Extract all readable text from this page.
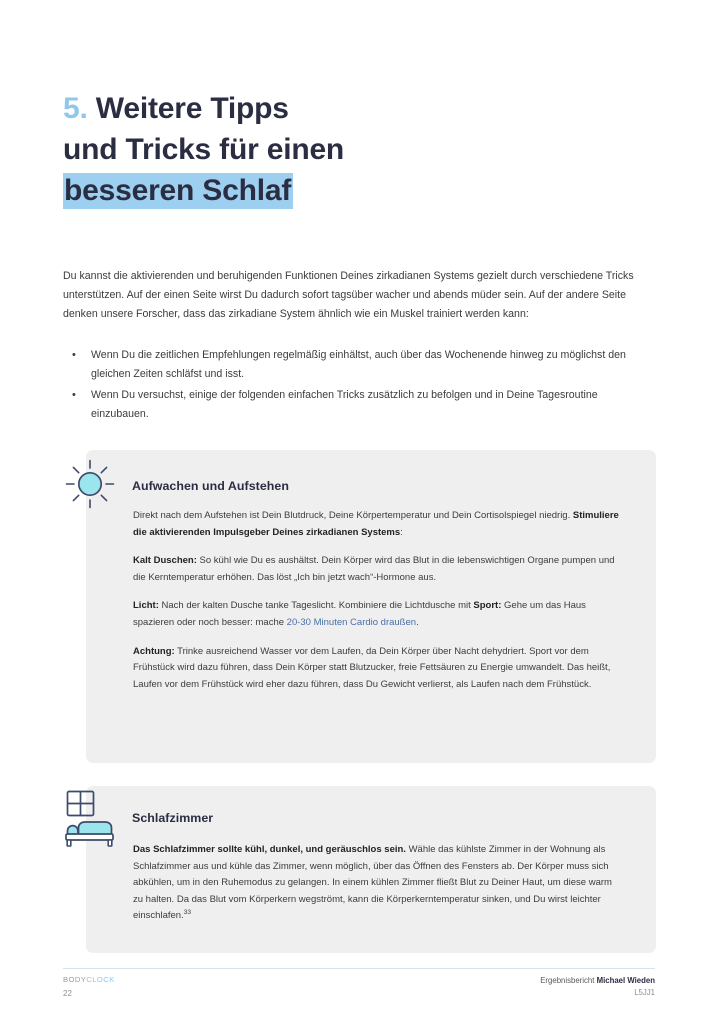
5. Weitere Tipps
und Tricks für einen
besseren Schlaf

Du kannst die aktivierenden und beruhigenden Funktionen Deines zirkadianen Systems gezielt durch verschiedene Tricks unterstützen. Auf der einen Seite wirst Du dadurch sofort tagsüber wacher und abends müder sein. Auf der andere Seite denken unsere Forscher, dass das zirkadiane System ähnlich wie ein Muskel trainiert werden kann:

• Wenn Du die zeitlichen Empfehlungen regelmäßig einhältst, auch über das Wochenende hinweg zu möglichst den gleichen Zeiten schläfst und isst.
• Wenn Du versuchst, einige der folgenden einfachen Tricks zusätzlich zu befolgen und in Deine Tagesroutine einzubauen.
Aufwachen und Aufstehen

Direkt nach dem Aufstehen ist Dein Blutdruck, Deine Körpertemperatur und Dein Cortisolspiegel niedrig. Stimuliere die aktivierenden Impulsgeber Deines zirkadianen Systems:

Kalt Duschen: So kühl wie Du es aushältst. Dein Körper wird das Blut in die lebenswichtigen Organe pumpen und die Kerntemperatur erhöhen. Das löst „Ich bin jetzt wach“-Hormone aus.

Licht: Nach der kalten Dusche tanke Tageslicht. Kombiniere die Lichtdusche mit Sport: Gehe um das Haus spazieren oder noch besser: mache 20-30 Minuten Cardio draußen.

Achtung: Trinke ausreichend Wasser vor dem Laufen, da Dein Körper über Nacht dehydriert. Sport vor dem Frühstück wird dazu führen, dass Dein Körper statt Blutzucker, freie Fettsäuren zu Energie umwandelt. Das heißt, Laufen vor dem Frühstück wird eher dazu führen, dass Du Gewicht verlierst, als Laufen nach dem Frühstück.

Schlafzimmer

Das Schlafzimmer sollte kühl, dunkel, und geräuschlos sein. Wähle das kühlste Zimmer in der Wohnung als Schlafzimmer aus und kühle das Zimmer, wenn möglich, über das Öffnen des Fensters ab. Der Körper muss sich abkühlen, um in den Ruhemodus zu gelangen. In einem kühlen Zimmer fließt Blut zu Deiner Haut, um diese warm zu halten. Da das Blut vom Körperkern wegströmt, kann die Körperkerntemperatur sinken, und Du wirst leichter einschlafen.$^{33}$

BODYCLOCK
22
Ergebnisbericht Michael Wieden
L5JJ1
